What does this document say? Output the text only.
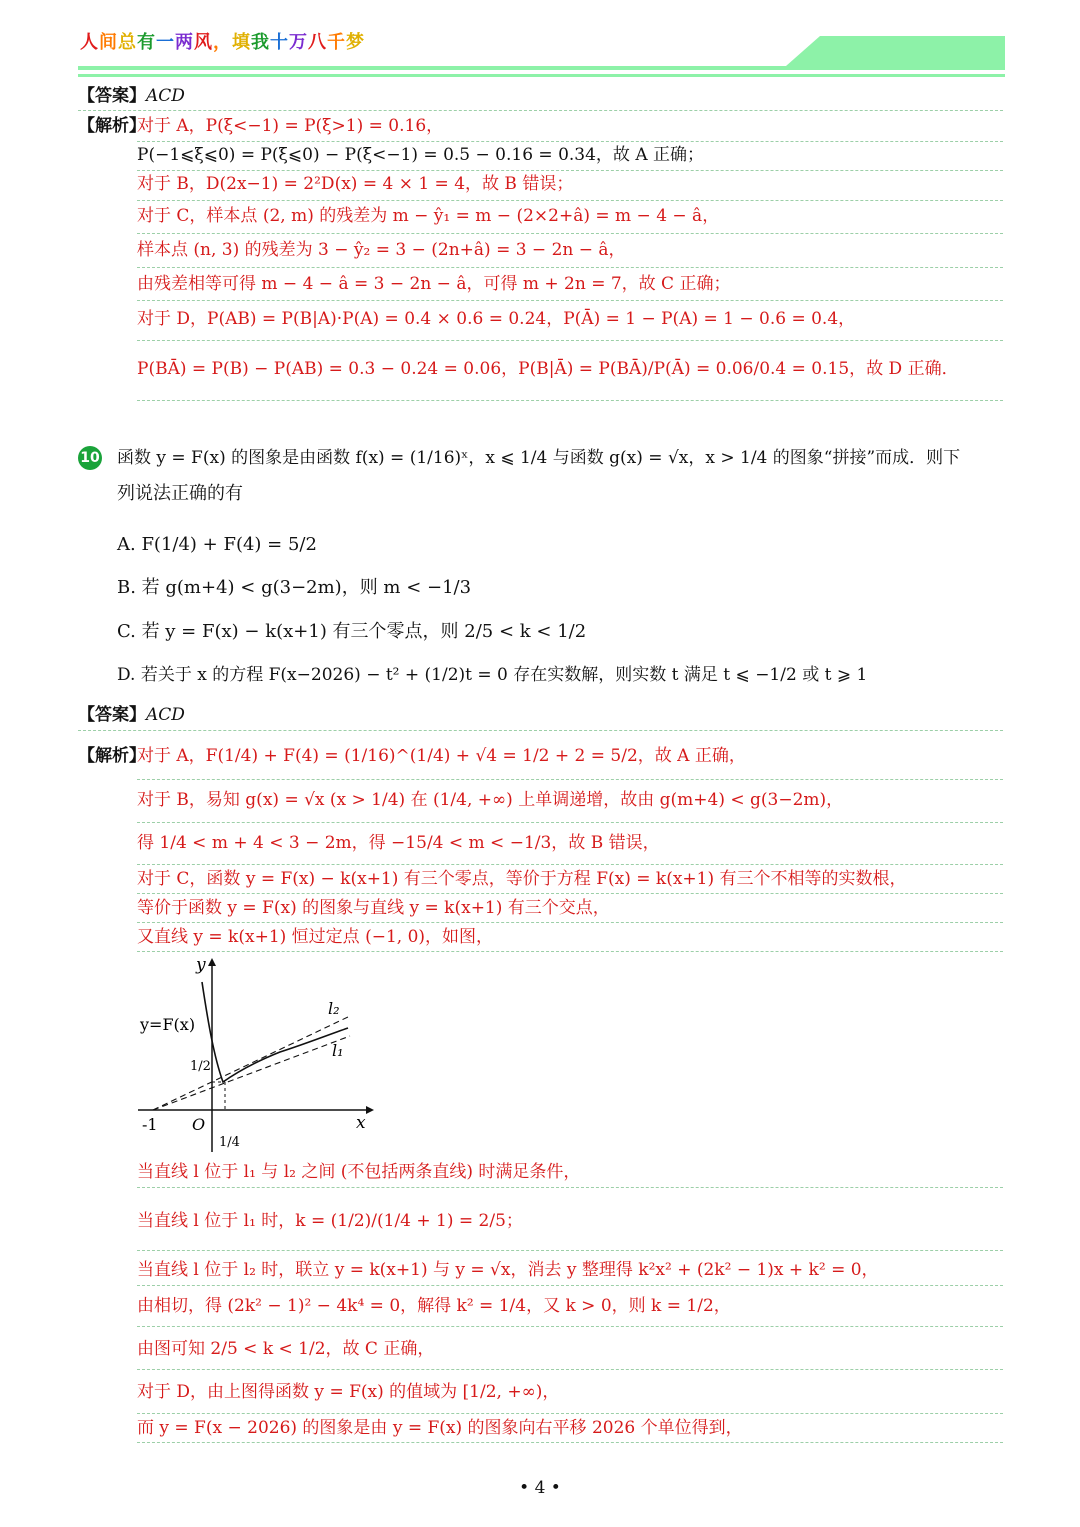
人间总有一两风，填我十万八千梦
【答案】ACD
【解析】
对于 A，P(ξ<−1) = P(ξ>1) = 0.16，
P(−1⩽ξ⩽0) = P(ξ⩽0) − P(ξ<−1) = 0.5 − 0.16 = 0.34，故 A 正确；
对于 B，D(2x−1) = 2²D(x) = 4 × 1 = 4，故 B 错误；
对于 C，样本点 (2, m) 的残差为 m − ŷ₁ = m − (2×2+â) = m − 4 − â，
样本点 (n, 3) 的残差为 3 − ŷ₂ = 3 − (2n+â) = 3 − 2n − â，
由残差相等可得 m − 4 − â = 3 − 2n − â，可得 m + 2n = 7，故 C 正确；
对于 D，P(AB) = P(B|A)·P(A) = 0.4 × 0.6 = 0.24，P(Ā) = 1 − P(A) = 1 − 0.6 = 0.4，
P(BĀ) = P(B) − P(AB) = 0.3 − 0.24 = 0.06，P(B|Ā) = P(BĀ)/P(Ā) = 0.06/0.4 = 0.15，故 D 正确．
10 函数 y = F(x) 的图象是由函数 f(x) = (1/16)ˣ，x ⩽ 1/4 与函数 g(x) = √x，x > 1/4 的图象“拼接”而成．则下
列说法正确的有
A. F(1/4) + F(4) = 5/2
B. 若 g(m+4) < g(3−2m)，则 m < −1/3
C. 若 y = F(x) − k(x+1) 有三个零点，则 2/5 < k < 1/2
D. 若关于 x 的方程 F(x−2026) − t² + (1/2)t = 0 存在实数解，则实数 t 满足 t ⩽ −1/2 或 t ⩾ 1
【答案】ACD
【解析】
对于 A，F(1/4) + F(4) = (1/16)^(1/4) + √4 = 1/2 + 2 = 5/2，故 A 正确，
对于 B，易知 g(x) = √x (x > 1/4) 在 (1/4, +∞) 上单调递增，故由 g(m+4) < g(3−2m)，
得 1/4 < m + 4 < 3 − 2m，得 −15/4 < m < −1/3，故 B 错误，
对于 C，函数 y = F(x) − k(x+1) 有三个零点，等价于方程 F(x) = k(x+1) 有三个不相等的实数根，
等价于函数 y = F(x) 的图象与直线 y = k(x+1) 有三个交点，
又直线 y = k(x+1) 恒过定点 (−1, 0)，如图，
y
x
O
y=F(x)
l₂
l₁
-1
1/2
1/4
当直线 l 位于 l₁ 与 l₂ 之间 (不包括两条直线) 时满足条件，
当直线 l 位于 l₁ 时，k = (1/2)/(1/4 + 1) = 2/5；
当直线 l 位于 l₂ 时，联立 y = k(x+1) 与 y = √x，消去 y 整理得 k²x² + (2k² − 1)x + k² = 0，
由相切，得 (2k² − 1)² − 4k⁴ = 0，解得 k² = 1/4，又 k > 0，则 k = 1/2，
由图可知 2/5 < k < 1/2，故 C 正确，
对于 D，由上图得函数 y = F(x) 的值域为 [1/2, +∞)，
而 y = F(x − 2026) 的图象是由 y = F(x) 的图象向右平移 2026 个单位得到，
• 4 •
